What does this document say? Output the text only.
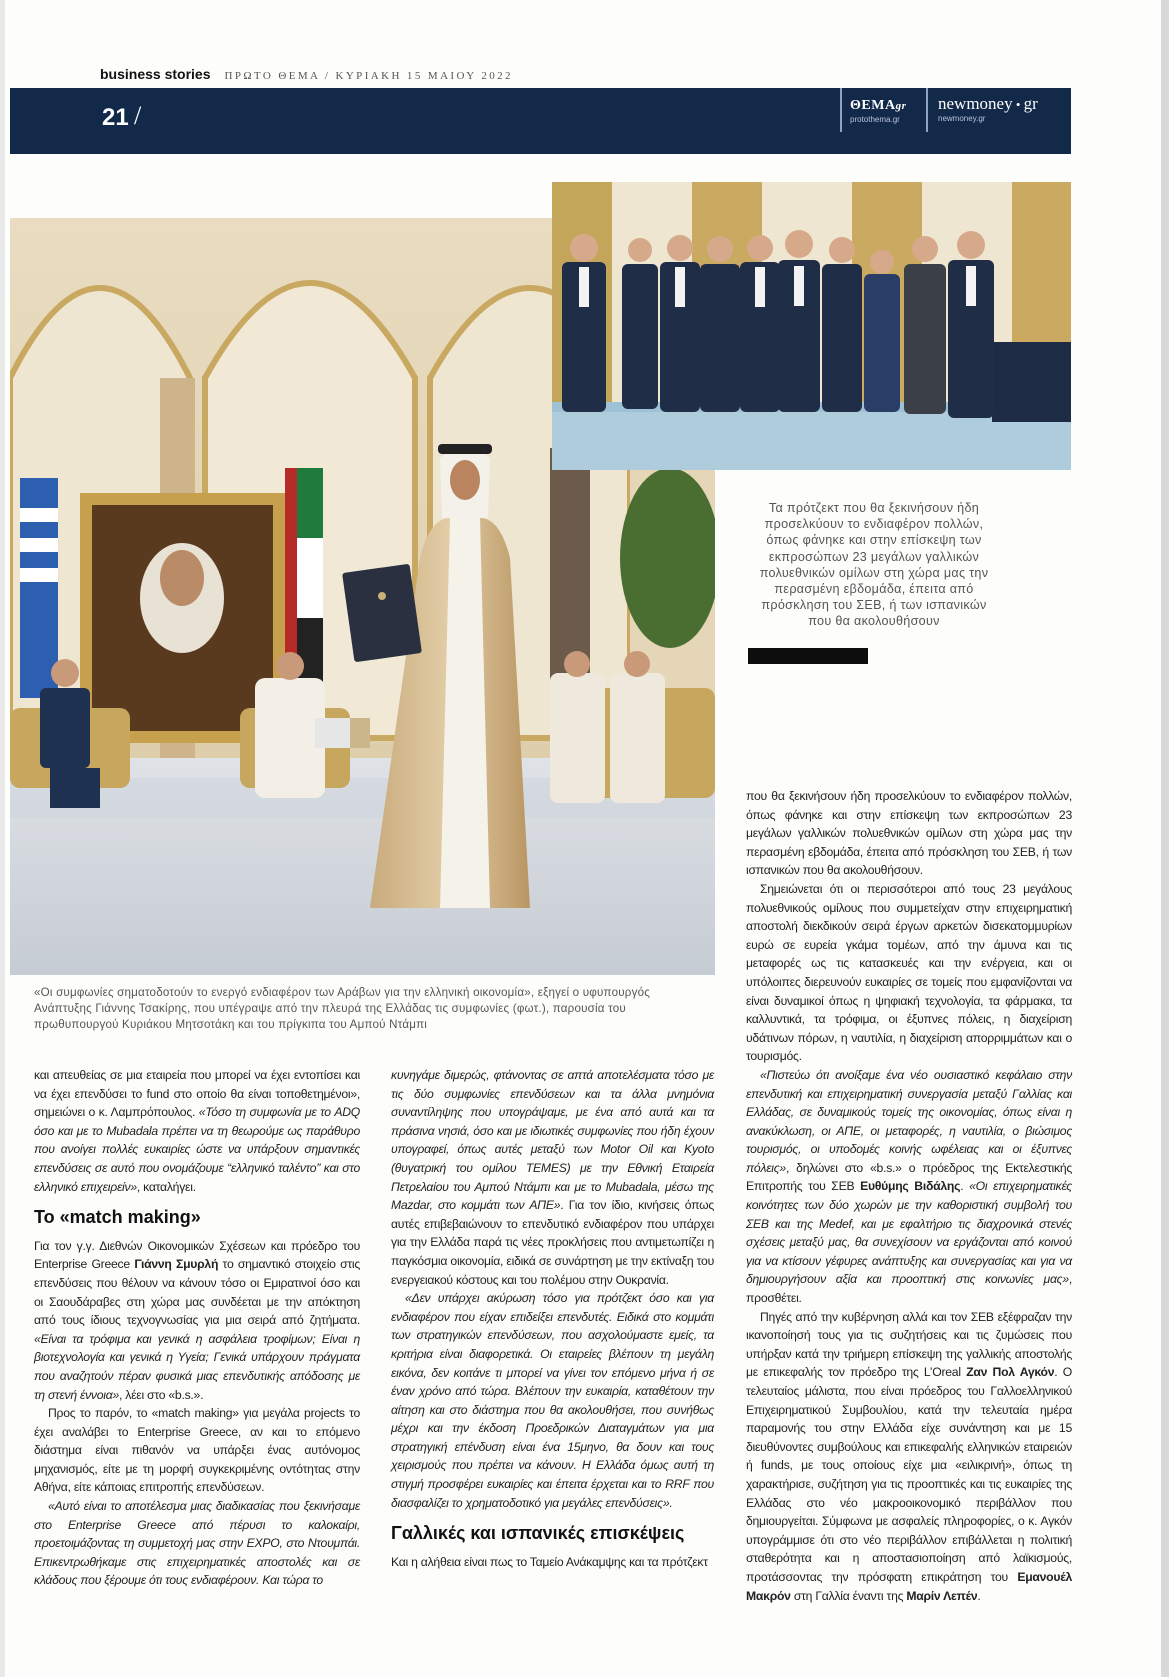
business stories ΠΡΩΤΟ ΘΕΜΑ / ΚΥΡΙΑΚΗ 15 ΜΑΙΟΥ 2022
21 /	ΘΕΜΑgr
protothema.gr
newmoney • gr
newmoney.gr
Τα πρότζεκτ που θα ξεκινήσουν ήδη προσελκύουν το ενδιαφέρον πολλών, όπως φάνηκε και στην επίσκεψη των εκπροσώπων 23 μεγάλων γαλλικών πολυεθνικών ομίλων στη χώρα μας την περασμένη εβδομάδα, έπειτα από πρόσκληση του ΣΕΒ, ή των ισπανικών που θα ακολουθήσουν
«Οι συμφωνίες σηματοδοτούν το ενεργό ενδιαφέρον των Αράβων για την ελληνική οικονομία», εξηγεί ο υφυπουργός Ανάπτυξης Γιάννης Τσακίρης, που υπέγραψε από την πλευρά της Ελλάδας τις συμφωνίες (φωτ.), παρουσία του πρωθυπουργού Κυριάκου Μητσοτάκη και του πρίγκιπα του Αμπού Ντάμπι

και απευθείας σε μια εταιρεία που μπορεί να έχει εντοπίσει και να έχει επενδύσει το fund στο οποίο θα είναι τοποθετημένοι», σημειώνει ο κ. Λαμπρόπουλος. «Τόσο τη συμφωνία με το ADQ όσο και με το Mubadala πρέπει να τη θεωρούμε ως παράθυρο που ανοίγει πολλές ευκαιρίες ώστε να υπάρξουν σημαντικές επενδύσεις σε αυτό που ονομάζουμε “ελληνικό ταλέντο” και στο ελληνικό επιχειρείν», καταλήγει.

Το «match making»

Για τον γ.γ. Διεθνών Οικονομικών Σχέσεων και πρόεδρο του Enterprise Greece Γιάννη Σμυρλή το σημαντικό στοιχείο στις επενδύσεις που θέλουν να κάνουν τόσο οι Εμιρατινοί όσο και οι Σαουδάραβες στη χώρα μας συνδέεται με την απόκτηση από τους ίδιους τεχνογνωσίας για μια σειρά από ζητήματα. «Είναι τα τρόφιμα και γενικά η ασφάλεια τροφίμων; Είναι η βιοτεχνολογία και γενικά η Υγεία; Γενικά υπάρχουν πράγματα που αναζητούν πέραν φυσικά μιας επενδυτικής απόδοσης με τη στενή έννοια», λέει στο «b.s.».

Προς το παρόν, το «match making» για μεγάλα projects το έχει αναλάβει το Enterprise Greece, αν και το επόμενο διάστημα είναι πιθανόν να υπάρξει ένας αυτόνομος μηχανισμός, είτε με τη μορφή συγκεκριμένης οντότητας στην Αθήνα, είτε κάποιας επιτροπής επενδύσεων.

«Αυτό είναι το αποτέλεσμα μιας διαδικασίας που ξεκινήσαμε στο Enterprise Greece από πέρυσι το καλοκαίρι, προετοιμάζοντας τη συμμετοχή μας στην EXPO, στο Ντουμπάι. Επικεντρωθήκαμε στις επιχειρηματικές αποστολές και σε κλάδους που ξέρουμε ότι τους ενδιαφέρουν. Και τώρα το

κυνηγάμε διμερώς, φτάνοντας σε απτά αποτελέσματα τόσο με τις δύο συμφωνίες επενδύσεων και τα άλλα μνημόνια συναντίληψης που υπογράψαμε, με ένα από αυτά και τα πράσινα νησιά, όσο και με ιδιωτικές συμφωνίες που ήδη έχουν υπογραφεί, όπως αυτές μεταξύ των Motor Oil και Kyoto (θυγατρική του ομίλου TEMES) με την Εθνική Εταιρεία Πετρελαίου του Αμπού Ντάμπι και με το Mubadala, μέσω της Mazdar, στο κομμάτι των ΑΠΕ». Για τον ίδιο, κινήσεις όπως αυτές επιβεβαιώνουν το επενδυτικό ενδιαφέρον που υπάρχει για την Ελλάδα παρά τις νέες προκλήσεις που αντιμετωπίζει η παγκόσμια οικονομία, ειδικά σε συνάρτηση με την εκτίναξη του ενεργειακού κόστους και του πολέμου στην Ουκρανία.

«Δεν υπάρχει ακύρωση τόσο για πρότζεκτ όσο και για ενδιαφέρον που είχαν επιδείξει επενδυτές. Ειδικά στο κομμάτι των στρατηγικών επενδύσεων, που ασχολούμαστε εμείς, τα κριτήρια είναι διαφορετικά. Οι εταιρείες βλέπουν τη μεγάλη εικόνα, δεν κοιτάνε τι μπορεί να γίνει τον επόμενο μήνα ή σε έναν χρόνο από τώρα. Βλέπουν την ευκαιρία, καταθέτουν την αίτηση και στο διάστημα που θα ακολουθήσει, που συνήθως μέχρι και την έκδοση Προεδρικών Διαταγμάτων για μια στρατηγική επένδυση είναι ένα 15μηνο, θα δουν και τους χειρισμούς που πρέπει να κάνουν. Η Ελλάδα όμως αυτή τη στιγμή προσφέρει ευκαιρίες και έπειτα έρχεται και το RRF που διασφαλίζει το χρηματοδοτικό για μεγάλες επενδύσεις».

Γαλλικές και ισπανικές επισκέψεις

Και η αλήθεια είναι πως το Ταμείο Ανάκαμψης και τα πρότζεκτ

που θα ξεκινήσουν ήδη προσελκύουν το ενδιαφέρον πολλών, όπως φάνηκε και στην επίσκεψη των εκπροσώπων 23 μεγάλων γαλλικών πολυεθνικών ομίλων στη χώρα μας την περασμένη εβδομάδα, έπειτα από πρόσκληση του ΣΕΒ, ή των ισπανικών που θα ακολουθήσουν.

Σημειώνεται ότι οι περισσότεροι από τους 23 μεγάλους πολυεθνικούς ομίλους που συμμετείχαν στην επιχειρηματική αποστολή διεκδικούν σειρά έργων αρκετών δισεκατομμυρίων ευρώ σε ευρεία γκάμα τομέων, από την άμυνα και τις μεταφορές ως τις κατασκευές και την ενέργεια, και οι υπόλοιπες διερευνούν ευκαιρίες σε τομείς που εμφανίζονται να είναι δυναμικοί όπως η ψηφιακή τεχνολογία, τα φάρμακα, τα καλλυντικά, τα τρόφιμα, οι έξυπνες πόλεις, η διαχείριση υδάτινων πόρων, η ναυτιλία, η διαχείριση απορριμμάτων και ο τουρισμός.

«Πιστεύω ότι ανοίξαμε ένα νέο ουσιαστικό κεφάλαιο στην επενδυτική και επιχειρηματική συνεργασία μεταξύ Γαλλίας και Ελλάδας, σε δυναμικούς τομείς της οικονομίας, όπως είναι η ανακύκλωση, οι ΑΠΕ, οι μεταφορές, η ναυτιλία, ο βιώσιμος τουρισμός, οι υποδομές κοινής ωφέλειας και οι έξυπνες πόλεις», δηλώνει στο «b.s.» ο πρόεδρος της Εκτελεστικής Επιτροπής του ΣΕΒ Ευθύμης Βιδάλης. «Οι επιχειρηματικές κοινότητες των δύο χωρών με την καθοριστική συμβολή του ΣΕΒ και της Medef, και με εφαλτήριο τις διαχρονικά στενές σχέσεις μεταξύ μας, θα συνεχίσουν να εργάζονται από κοινού για να κτίσουν γέφυρες ανάπτυξης και συνεργασίας και για να δημιουργήσουν αξία και προοπτική στις κοινωνίες μας», προσθέτει.

Πηγές από την κυβέρνηση αλλά και τον ΣΕΒ εξέφραζαν την ικανοποίησή τους για τις συζητήσεις και τις ζυμώσεις που υπήρξαν κατά την τριήμερη επίσκεψη της γαλλικής αποστολής με επικεφαλής τον πρόεδρο της L’Oreal Ζαν Πολ Αγκόν. Ο τελευταίος μάλιστα, που είναι πρόεδρος του Γαλλοελληνικού Επιχειρηματικού Συμβουλίου, κατά την τελευταία ημέρα παραμονής του στην Ελλάδα είχε συνάντηση και με 15 διευθύνοντες συμβούλους και επικεφαλής ελληνικών εταιρειών ή funds, με τους οποίους είχε μια «ειλικρινή», όπως τη χαρακτήρισε, συζήτηση για τις προοπτικές και τις ευκαιρίες της Ελλάδας στο νέο μακροοικονομικό περιβάλλον που δημιουργείται. Σύμφωνα με ασφαλείς πληροφορίες, ο κ. Αγκόν υπογράμμισε ότι στο νέο περιβάλλον επιβάλλεται η πολιτική σταθερότητα και η αποστασιοποίηση από λαϊκισμούς, προτάσσοντας την πρόσφατη επικράτηση του Εμανουέλ Μακρόν στη Γαλλία έναντι της Μαρίν Λεπέν.
